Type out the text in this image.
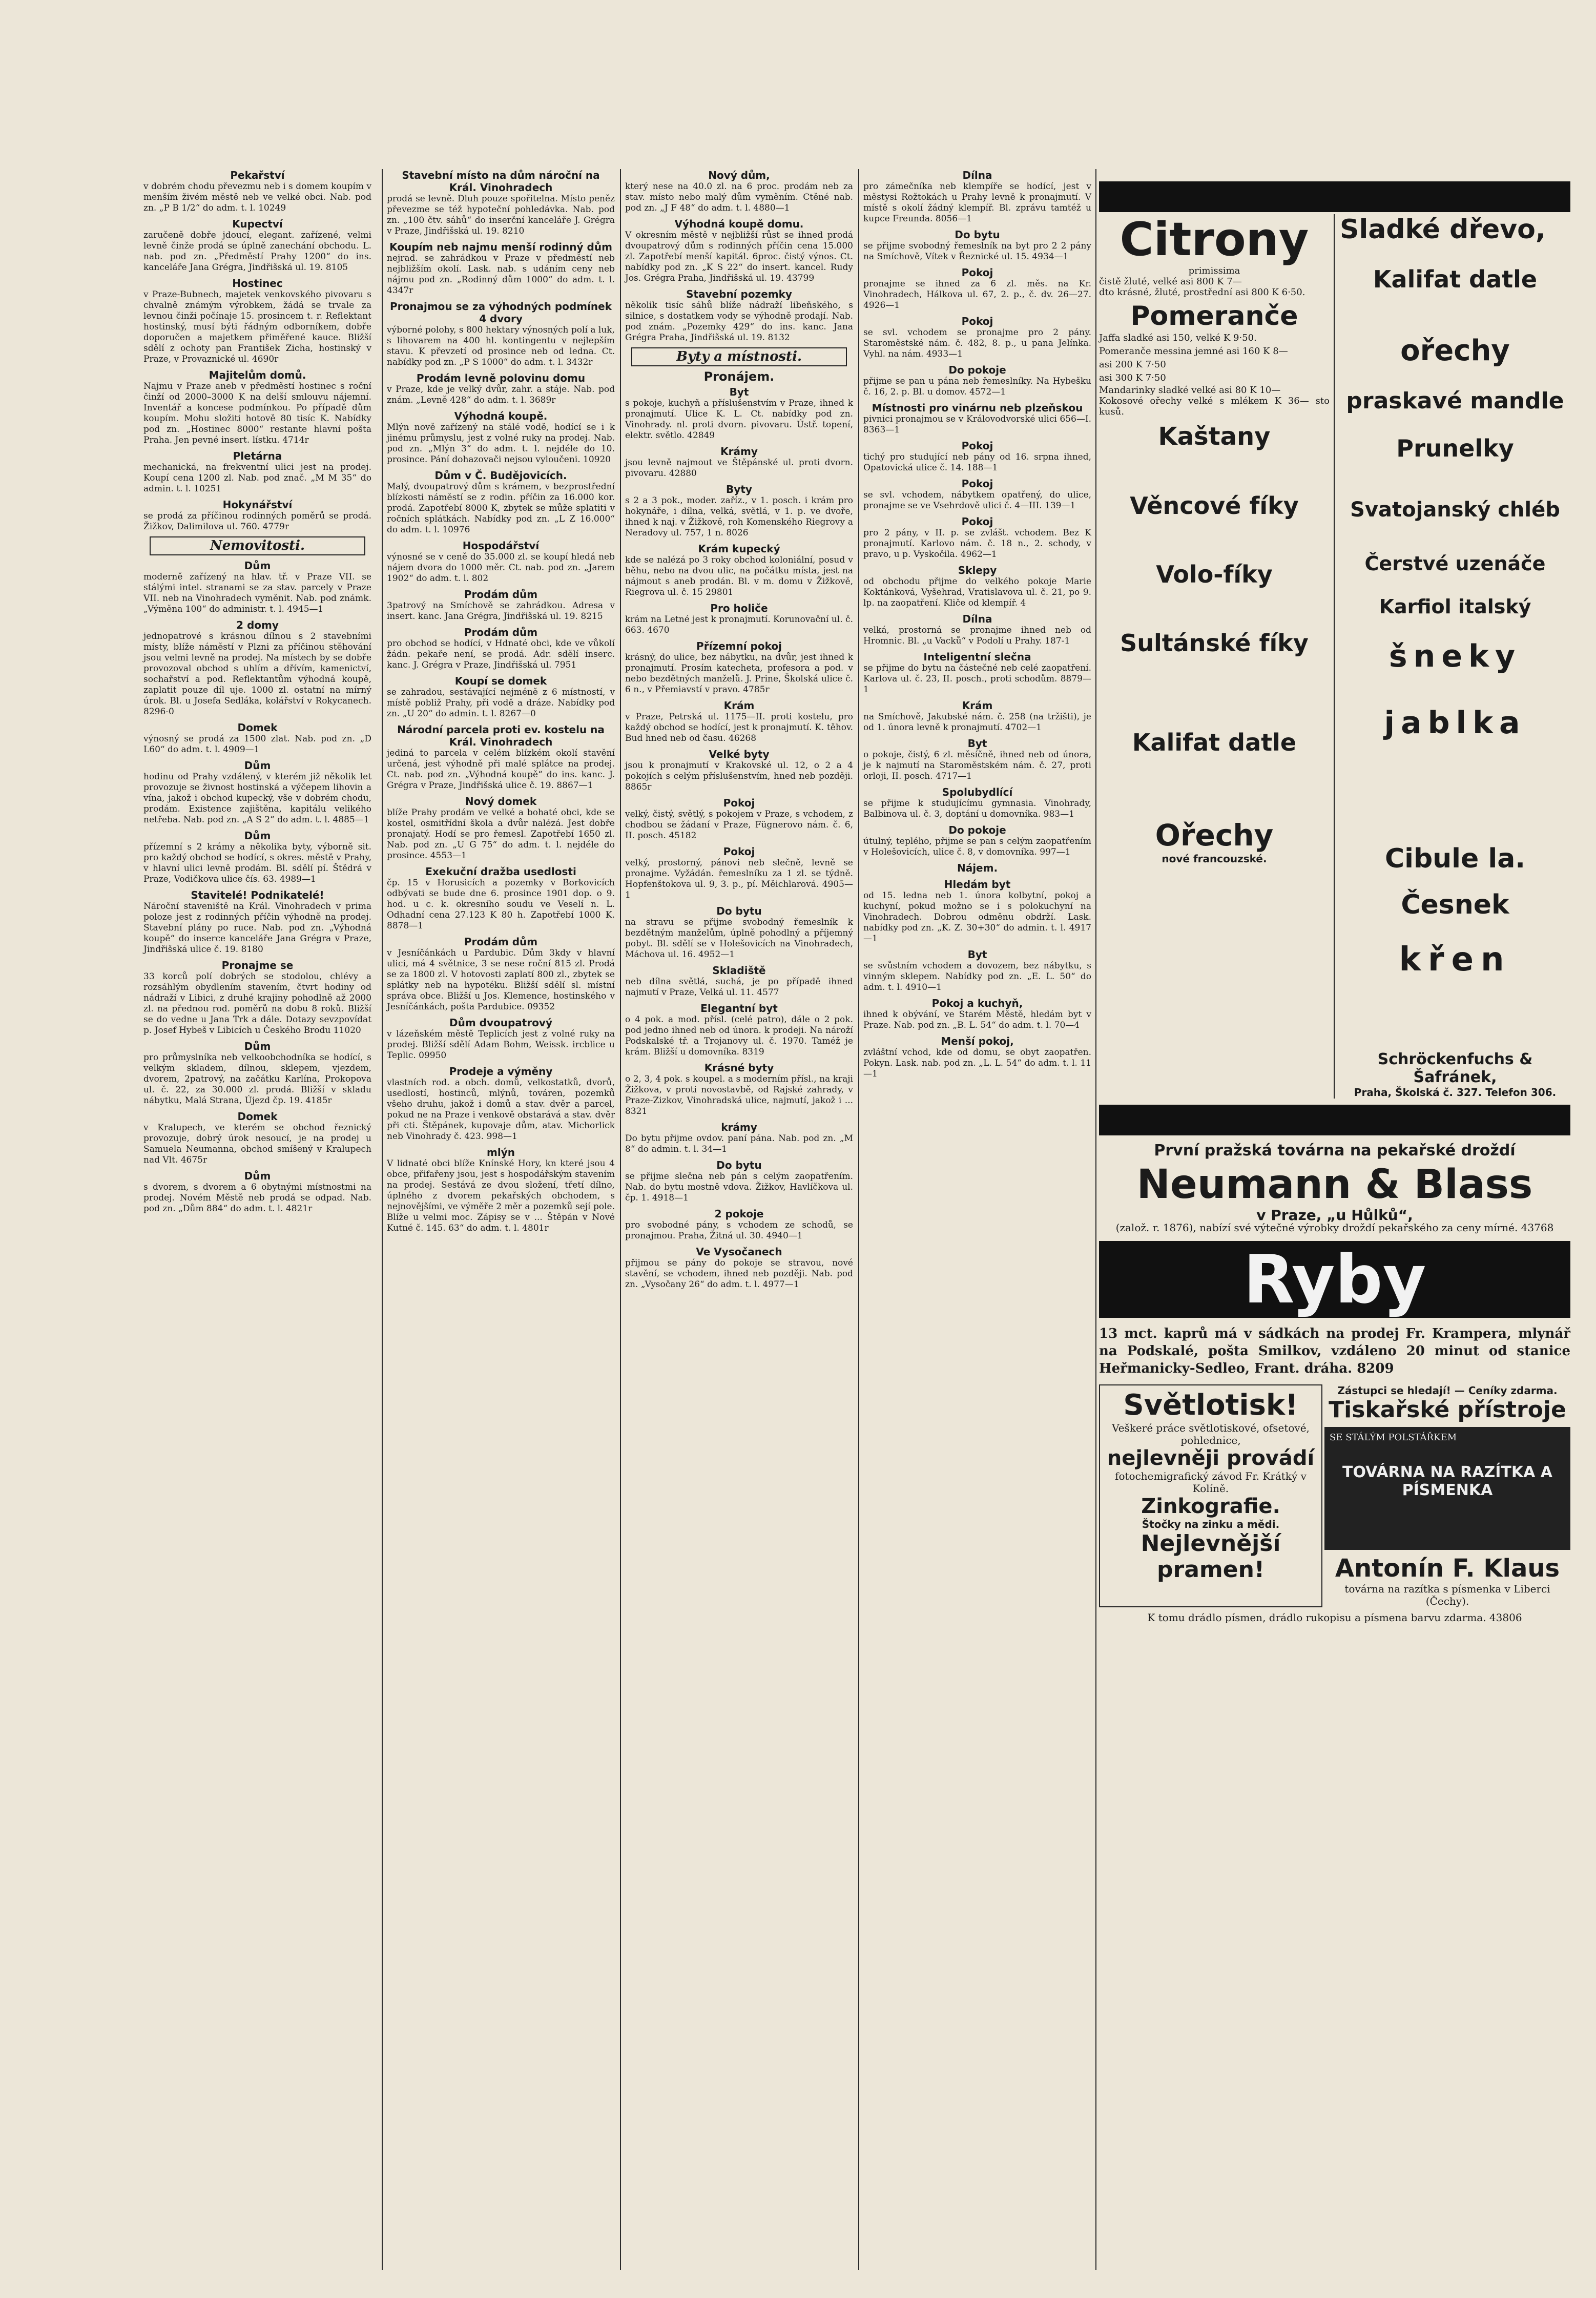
Pekařství
v dobrém chodu převezmu neb i s domem koupím v menším živém městě neb ve velké obci. Nab. pod zn. „P B 1/2“ do adm. t. l. 10249
Kupectví
zaručeně dobře jdoucí, elegant. zařízené, velmi levně činže prodá se úplně zanechání obchodu. L. nab. pod zn. „Předměstí Prahy 1200“ do ins. kanceláře Jana Grégra, Jindřišská ul. 19. 8105
Hostinec
v Praze-Bubnech, majetek venkovského pivovaru s chvalně známým výrobkem, žádá se trvale za levnou činži počínaje 15. prosincem t. r. Reflektant hostinský, musí býti řádným odborníkem, dobře doporučen a majetkem přiměřené kauce. Bližší sdělí z ochoty pan František Zicha, hostinský v Praze, v Provaznické ul. 4690r
Majitelům domů.
Najmu v Praze aneb v předměstí hostinec s roční činží od 2000–3000 K na delší smlouvu nájemní. Inventář a koncese podmínkou. Po případě dům koupím. Mohu složiti hotově 80 tisíc K. Nabídky pod zn. „Hostinec 8000“ restante hlavní pošta Praha. Jen pevné insert. lístku. 4714r
Pletárna
mechanická, na frekventní ulici jest na prodej. Koupí cena 1200 zl. Nab. pod znač. „M M 35“ do admin. t. l. 10251
Hokynářství
se prodá za příčinou rodinných poměrů se prodá. Žižkov, Dalimilova ul. 760. 4779r
Nemovitosti.
Dům
moderně zařízený na hlav. tř. v Praze VII. se stálými intel. stranami se za stav. parcely v Praze VII. neb na Vinohradech vyměnit. Nab. pod známk. „Výměna 100“ do administr. t. l. 4945—1
2 domy
jednopatrové s krásnou dílnou s 2 stavebními místy, blíže náměstí v Plzni za příčinou stěhování jsou velmi levně na prodej. Na místech by se dobře provozoval obchod s uhlím a dřívím, kamenictví, sochařství a pod. Reflektantům výhodná koupě, zaplatit pouze díl uje. 1000 zl. ostatní na mírný úrok. Bl. u Josefa Sedláka, kolářství v Rokycanech. 8296-0
Domek
výnosný se prodá za 1500 zlat. Nab. pod zn. „D L60“ do adm. t. l. 4909—1
Dům
hodinu od Prahy vzdálený, v kterém již několik let provozuje se živnost hostinská a výčepem lihovin a vína, jakož i obchod kupecký, vše v dobrém chodu, prodám. Existence zajištěna, kapitálu velikého netřeba. Nab. pod zn. „A S 2“ do adm. t. l. 4885—1
Dům
přízemní s 2 krámy a několika byty, výborně sit. pro každý obchod se hodící, s okres. městě v Prahy, v hlavní ulici levně prodám. Bl. sdělí pí. Štědrá v Praze, Vodičkova ulice čís. 63. 4989—1
Stavitelé! Podnikatelé!
Nároční staveniště na Král. Vinohradech v prima poloze jest z rodinných příčin výhodně na prodej. Stavební plány po ruce. Nab. pod zn. „Výhodná koupě“ do inserce kanceláře Jana Grégra v Praze, Jindřišská ulice č. 19. 8180
Pronajme se
33 korců polí dobrých se stodolou, chlévy a rozsáhlým obydlením stavením, čtvrt hodiny od nádraží v Libici, z druhé krajiny pohodlně až 2000 zl. na přednou rod. poměrů na dobu 8 roků. Bližší se do vedne u Jana Trk a dále. Dotazy sevzpovídat p. Josef Hybeš v Libicích u Českého Brodu 11020
Dům
pro průmyslníka neb velkoobchodníka se hodící, s velkým skladem, dílnou, sklepem, vjezdem, dvorem, 2patrový, na začátku Karlína, Prokopova ul. č. 22, za 30.000 zl. prodá. Bližší v skladu nábytku, Malá Strana, Újezd čp. 19. 4185r
Domek
v Kralupech, ve kterém se obchod řeznický provozuje, dobrý úrok nesoucí, je na prodej u Samuela Neumanna, obchod smíšený v Kralupech nad Vlt. 4675r
Dům
s dvorem, s dvorem a 6 obytnými místnostmi na prodej. Novém Městě neb prodá se odpad. Nab. pod zn. „Dům 884“ do adm. t. l. 4821r
Stavební místo na dům nároční na Král. Vinohradech
prodá se levně. Dluh pouze spořitelna. Místo peněz převezme se též hypoteční pohledávka. Nab. pod zn. „100 čtv. sáhů“ do inserční kanceláře J. Grégra v Praze, Jindřišská ul. 19. 8210
Koupím neb najmu menší rodinný dům
nejrad. se zahrádkou v Praze v předměstí neb nejbližším okolí. Lask. nab. s udáním ceny neb nájmu pod zn. „Rodinný dům 1000“ do adm. t. l. 4347r
Pronajmou se za výhodných podmínek 4 dvory
výborné polohy, s 800 hektary výnosných polí a luk, s lihovarem na 400 hl. kontingentu v nejlepším stavu. K převzetí od prosince neb od ledna. Ct. nabídky pod zn. „P S 1000“ do adm. t. l. 3432r
Prodám levně polovinu domu
v Praze, kde je velký dvůr, zahr. a stáje. Nab. pod znám. „Levně 428“ do adm. t. l. 3689r
Výhodná koupě.
Mlýn nově zařízený na stálé vodě, hodící se i k jinému průmyslu, jest z volné ruky na prodej. Nab. pod zn. „Mlýn 3“ do adm. t. l. nejdéle do 10. prosince. Pání dohazovači nejsou vyloučeni. 10920
Dům v Č. Budějovicích.
Malý, dvoupatrový dům s krámem, v bezprostřední blízkosti náměstí se z rodin. příčin za 16.000 kor. prodá. Zapotřebí 8000 K, zbytek se může splatiti v ročních splátkách. Nabídky pod zn. „L Z 16.000“ do adm. t. l. 10976
Hospodářství
výnosné se v ceně do 35.000 zl. se koupí hledá neb nájem dvora do 1000 měr. Ct. nab. pod zn. „Jarem 1902“ do adm. t. l. 802
Prodám dům
3patrový na Smíchově se zahrádkou. Adresa v insert. kanc. Jana Grégra, Jindřišská ul. 19. 8215
Prodám dům
pro obchod se hodící, v Hdnaté obci, kde ve vůkolí žádn. pekaře není, se prodá. Adr. sdělí inserc. kanc. J. Grégra v Praze, Jindřišská ul. 7951
Koupí se domek
se zahradou, sestávající nejméně z 6 místností, v místě pobliž Prahy, při vodě a dráze. Nabídky pod zn. „U 20“ do admin. t. l. 8267—0
Národní parcela proti ev. kostelu na Král. Vinohradech
jediná to parcela v celém blízkém okolí stavění určená, jest výhodně při malé splátce na prodej. Ct. nab. pod zn. „Výhodná koupě“ do ins. kanc. J. Grégra v Praze, Jindřišská ulice č. 19. 8867—1
Nový domek
blíže Prahy prodám ve velké a bohaté obci, kde se kostel, osmitřídní škola a dvůr nalézá. Jest dobře pronajatý. Hodí se pro řemesl. Zapotřebí 1650 zl. Nab. pod zn. „U G 75“ do adm. t. l. nejdéle do prosince. 4553—1
Exekuční dražba usedlosti
čp. 15 v Horusicích a pozemky v Borkovicích odbývati se bude dne 6. prosince 1901 dop. o 9. hod. u c. k. okresního soudu ve Veselí n. L. Odhadní cena 27.123 K 80 h. Zapotřebí 1000 K. 8878—1
Prodám dům
v Jesníčánkách u Pardubic. Dům 3kdy v hlavní ulici, má 4 světnice, 3 se nese roční 815 zl. Prodá se za 1800 zl. V hotovosti zaplatí 800 zl., zbytek se splátky neb na hypotéku. Bližší sdělí sl. místní správa obce. Bližší u Jos. Klemence, hostinského v Jesníčánkách, pošta Pardubice. 09352
Dům dvoupatrový
v lázeňském městě Teplicích jest z volné ruky na prodej. Bližší sdělí Adam Bohm, Weissk. ircblice u Teplic. 09950
Prodeje a výměny
vlastních rod. a obch. domů, velkostatků, dvorů, usedlostí, hostinců, mlýnů, továren, pozemků všeho druhu, jakož i domů a stav. dvěr a parcel, pokud ne na Praze i venkově obstarává a stav. dvěr při cti. Štěpánek, kupovaje dům, atav. Michorlick neb Vinohrady č. 423. 998—1
mlýn
V lidnaté obci blíže Knínské Hory, kn které jsou 4 obce, přifařeny jsou, jest s hospodářským stavením na prodej. Sestává ze dvou složení, třetí dílno, úplného z dvorem pekařských obchodem, s nejnovějšími, ve výměře 2 měr a pozemků sejí pole. Blíže u velmi moc. Zápisy se v ... Štěpán v Nové Kutné č. 145. 63“ do adm. t. l. 4801r
Nový dům,
který nese na 40.0 zl. na 6 proc. prodám neb za stav. místo nebo malý dům vyměním. Ctěné nab. pod zn. „J F 48“ do adm. t. l. 4880—1
Výhodná koupě domu.
V okresním městě v nejbližší růst se ihned prodá dvoupatrový dům s rodinných příčin cena 15.000 zl. Zapotřebí menší kapitál. 6proc. čistý výnos. Ct. nabídky pod zn. „K S 22“ do insert. kancel. Rudy Jos. Grégra Praha, Jindřišská ul. 19. 43799
Stavební pozemky
několik tisíc sáhů blíže nádraží libeňského, s silnice, s dostatkem vody se výhodně prodají. Nab. pod znám. „Pozemky 429“ do ins. kanc. Jana Grégra Praha, Jindřišská ul. 19. 8132
Byty a místnosti.
Pronájem.
Byt
s pokoje, kuchyň a příslušenstvím v Praze, ihned k pronajmutí. Ulice K. L. Ct. nabídky pod zn. Vinohrady. nl. proti dvorn. pivovaru. Ústř. topení, elektr. světlo. 42849
Krámy
jsou levně najmout ve Štěpánské ul. proti dvorn. pivovaru. 42880
Byty
s 2 a 3 pok., moder. zaříz., v 1. posch. i krám pro hokynáře, i dílna, velká, světlá, v 1. p. ve dvoře, ihned k naj. v Žižkově, roh Komenského Riegrovy a Neradovy ul. 757, 1 n. 8026
Krám kupecký
kde se nalézá po 3 roky obchod koloniální, posud v běhu, nebo na dvou ulic, na počátku místa, jest na nájmout s aneb prodán. Bl. v m. domu v Žižkově, Riegrova ul. č. 15 29801
Pro holiče
krám na Letné jest k pronajmutí. Korunovační ul. č. 663. 4670
Přízemní pokoj
krásný, do ulice, bez nábytku, na dvůr, jest ihned k pronajmutí. Prosím katecheta, profesora a pod. v nebo bezdětných manželů. J. Prine, Školská ulice č. 6 n., v Přemiavstí v pravo. 4785r
Krám
v Praze, Petrská ul. 1175—II. proti kostelu, pro každý obchod se hodící, jest k pronajmutí. K. těhov. Bud hned neb od času. 46268
Velké byty
jsou k pronajmutí v Krakovské ul. 12, o 2 a 4 pokojích s celým příslušenstvím, hned neb později. 8865r
Pokoj
velký, čistý, světlý, s pokojem v Praze, s vchodem, z chodbou se žádaní v Praze, Fügnerovo nám. č. 6, II. posch. 45182
Pokoj
velký, prostorný, pánovi neb slečně, levně se pronajme. Vyžádán. řemeslníku za 1 zl. se týdně. Hopfenštokova ul. 9, 3. p., pí. Měichlarová. 4905—1
Do bytu
na stravu se přijme svobodný řemeslník k bezdětným manželům, úplně pohodlný a příjemný pobyt. Bl. sdělí se v Holešovicích na Vinohradech, Máchova ul. 16. 4952—1
Skladiště
neb dílna světlá, suchá, je po případě ihned najmutí v Praze, Velká ul. 11. 4577
Elegantní byt
o 4 pok. a mod. přísl. (celé patro), dále o 2 pok. pod jedno ihned neb od února. k prodeji. Na nároží Podskalské tř. a Trojanovy ul. č. 1970. Taméž je krám. Bližší u domovníka. 8319
Krásné byty
o 2, 3, 4 pok. s koupel. a s moderním přísl., na kraji Žižkova, v proti novostavbě, od Rajské zahrady, v Praze-Zizkov, Vinohradská ulice, najmutí, jakož i ... 8321
krámy
Do bytu přijme ovdov. paní pána. Nab. pod zn. „M 8“ do admin. t. l. 34—1
Do bytu
se přijme slečna neb pán s celým zaopatřením. Nab. do bytu mostně vdova. Žižkov, Havlíčkova ul. čp. 1. 4918—1
2 pokoje
pro svobodné pány, s vchodem ze schodů, se pronajmou. Praha, Žitná ul. 30. 4940—1
Ve Vysočanech
přijmou se pány do pokoje se stravou, nové stavění, se vchodem, ihned neb později. Nab. pod zn. „Vysočany 26“ do adm. t. l. 4977—1
Dílna
pro zámečníka neb klempíře se hodící, jest v městysi Rožtokách u Prahy levně k pronajmutí. V místě s okolí žádný klempíř. Bl. zprávu tamtéž u kupce Freunda. 8056—1
Do bytu
se přijme svobodný řemeslník na byt pro 2 2 pány na Smíchově, Vítek v Řeznické ul. 15. 4934—1
Pokoj
pronajme se ihned za 6 zl. měs. na Kr. Vinohradech, Hálkova ul. 67, 2. p., č. dv. 26—27. 4926—1
Pokoj
se svl. vchodem se pronajme pro 2 pány. Staroměstské nám. č. 482, 8. p., u pana Jelínka. Vyhl. na nám. 4933—1
Do pokoje
přijme se pan u pána neb řemeslníky. Na Hybešku č. 16, 2. p. Bl. u domov. 4572—1
Místnosti pro vinárnu neb plzeňskou
pivnici pronajmou se v Královodvorské ulici 656—I. 8363—1
Pokoj
tichý pro studující neb pány od 16. srpna ihned, Opatovická ulice č. 14. 188—1
Pokoj
se svl. vchodem, nábytkem opatřený, do ulice, pronajme se ve Vsehrdově ulici č. 4—III. 139—1
Pokoj
pro 2 pány, v II. p. se zvlášt. vchodem. Bez K pronajmutí. Karlovo nám. č. 18 n., 2. schody, v pravo, u p. Vyskočila. 4962—1
Sklepy
od obchodu přijme do velkého pokoje Marie Koktánková, Vyšehrad, Vratislavova ul. č. 21, po 9. lp. na zaopatření. Kliče od klempíř. 4
Dílna
velká, prostorná se pronajme ihned neb od Hromnic. Bl. „u Vacků“ v Podolí u Prahy. 187-1
Inteligentní slečna
se přijme do bytu na částečné neb celé zaopatření. Karlova ul. č. 23, II. posch., proti schodům. 8879—1
Krám
na Smíchově, Jakubské nám. č. 258 (na tržišti), je od 1. února levně k pronajmutí. 4702—1
Byt
o pokoje, čistý, 6 zl. měsíčně, ihned neb od února, je k najmutí na Staroměstském nám. č. 27, proti orloji, II. posch. 4717—1
Spolubydlící
se přijme k studujícímu gymnasia. Vinohrady, Balbinova ul. č. 3, doptání u domovníka. 983—1
Do pokoje
útulný, teplého, přijme se pan s celým zaopatřením v Holešovicích, ulice č. 8, v domovníka. 997—1
Nájem.
Hledám byt
od 15. ledna neb 1. února kolbytní, pokoj a kuchyní, pokud možno se i s polokuchyní na Vinohradech. Dobrou odměnu obdrží. Lask. nabídky pod zn. „K. Z. 30+30“ do admin. t. l. 4917—1
Byt
se svůstním vchodem a dovozem, bez nábytku, s vinným sklepem. Nabídky pod zn. „E. L. 50“ do adm. t. l. 4910—1
Pokoj a kuchyň,
ihned k obývání, ve Starém Městě, hledám byt v Praze. Nab. pod zn. „B. L. 54“ do adm. t. l. 70—4
Menší pokoj,
zvláštní vchod, kde od domu, se obyt zaopatřen. Pokyn. Lask. nab. pod zn. „L. L. 54“ do adm. t. l. 11—1
Citrony
primissima
čistě žluté, velké asi 800 K 7—
dto krásné, žluté, prostřední asi 800 K 6·50.
Pomeranče
Jaffa sladké asi 150, velké K 9·50.
Pomeranče messina jemné asi 160 K 8—
asi 200 K 7·50
asi 300 K 7·50
Mandarinky sladké velké asi 80 K 10—
Kokosové ořechy velké s mlékem K 36— sto kusů.
Kaštany
Věncové fíky
Volo-fíky
Sultánské fíky
Kalifat datle
Ořechy
nové francouzské.
Sladké dřevo,
Kalifat datle
ořechy
praskavé mandle
Prunelky
Svatojanský chléb
Čerstvé uzenáče
Karfiol italský
šneky
jablka
Cibule la.
Česnek
křen
Schröckenfuchs & Šafránek,
Praha, Školská č. 327. Telefon 306.
První pražská továrna na pekařské droždí
Neumann & Blass
v Praze, „u Hůlků“,
(založ. r. 1876), nabízí své výtečné výrobky droždí pekařského za ceny mírné. 43768
Ryby
13 mct. kaprů má v sádkách na prodej Fr. Krampera, mlynář na Podskalé, pošta Smilkov, vzdáleno 20 minut od stanice Heřmanicky-Sedleo, Frant. dráha. 8209
Světlotisk!
Veškeré práce světlotiskové, ofsetové, pohlednice,
nejlevněji provádí
fotochemigrafický závod Fr. Krátký v Kolíně.
Zinkografie.
Štočky na zinku a mědi.
Nejlevnější pramen!
Zástupci se hledají! — Ceníky zdarma.
Tiskařské přístroje
SE STÁLÝM POLSTÁŘKEM
TOVÁRNA NA RAZÍTKA A PÍSMENKA
Antonín F. Klaus
továrna na razítka s písmenka v Liberci (Čechy).
K tomu drádlo písmen, drádlo rukopisu a písmena barvu zdarma. 43806
